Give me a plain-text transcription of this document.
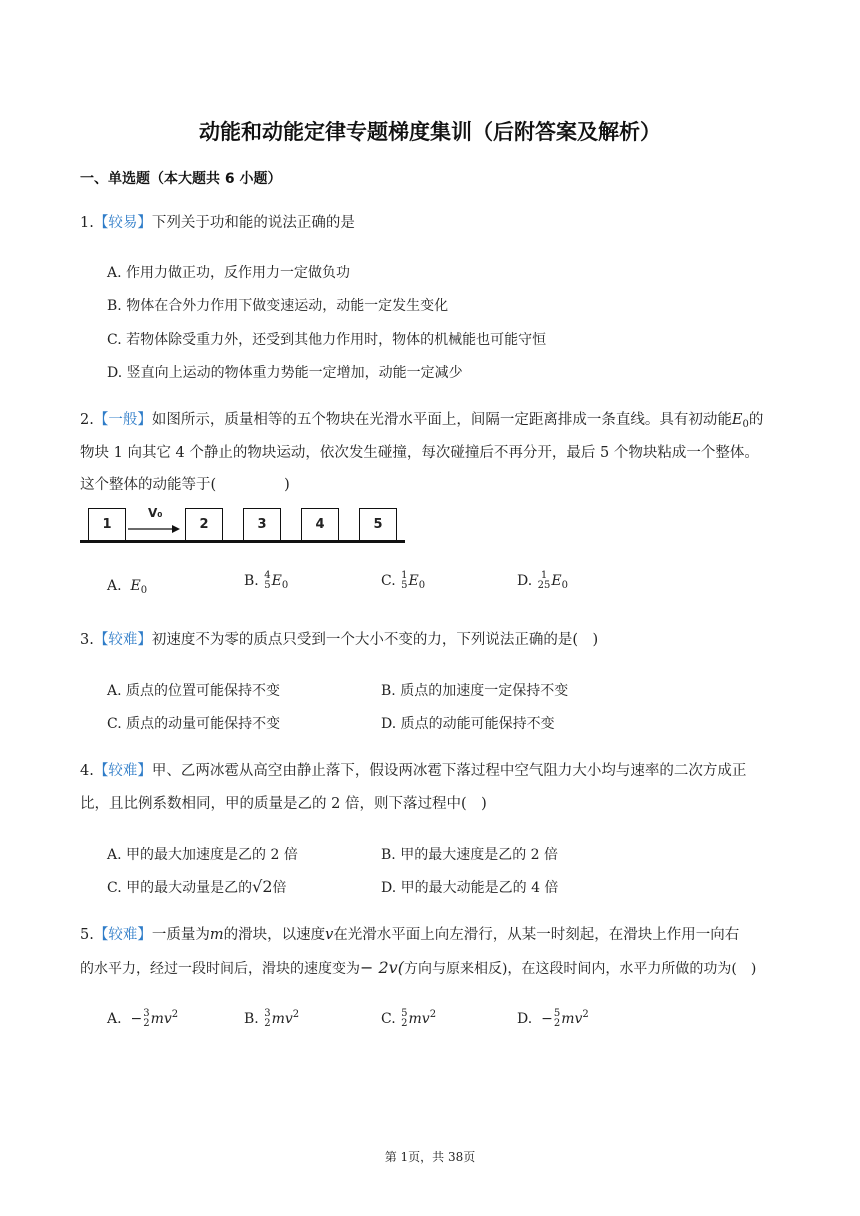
动能和动能定律专题梯度集训（后附答案及解析）
一、单选题（本大题共 6 小题）
1.【较易】下列关于功和能的说法正确的是
A. 作用力做正功，反作用力一定做负功
B. 物体在合外力作用下做变速运动，动能一定发生变化
C. 若物体除受重力外，还受到其他力作用时，物体的机械能也可能守恒
D. 竖直向上运动的物体重力势能一定增加，动能一定减少
2.【一般】如图所示，质量相等的五个物块在光滑水平面上，间隔一定距离排成一条直线。具有初动能$E_0$的
物块 1 向其它 4 个静止的物块运动，依次发生碰撞，每次碰撞后不再分开，最后 5 个物块粘成一个整体。
这个整体的动能等于(	)
1	2	3	4	5
V₀
A. $E_0$
B. 4
5 $E_0$	C. 1
5 $E_0$	D. 1
25 $E_0$
3.【较难】初速度不为零的质点只受到一个大小不变的力，下列说法正确的是(　)
A. 质点的位置可能保持不变	B. 质点的加速度一定保持不变
C. 质点的动量可能保持不变	D. 质点的动能可能保持不变
4.【较难】甲、乙两冰雹从高空由静止落下，假设两冰雹下落过程中空气阻力大小均与速率的二次方成正
比，且比例系数相同，甲的质量是乙的 2 倍，则下落过程中(　)
A. 甲的最大加速度是乙的 2 倍	B. 甲的最大速度是乙的 2 倍
C. 甲的最大动量是乙的√2倍	D. 甲的最大动能是乙的 4 倍
5.【较难】一质量为m的滑块，以速度v在光滑水平面上向左滑行，从某一时刻起，在滑块上作用一向右
的水平力，经过一段时间后，滑块的速度变为− 2v(方向与原来相反)，在这段时间内，水平力所做的功为(　)
A. − 3
2 $mv^2$	B. 3
2 $mv^2$	C. 5
2 $mv^2$	D. − 5
2 $mv^2$
第 1页，共 38页
